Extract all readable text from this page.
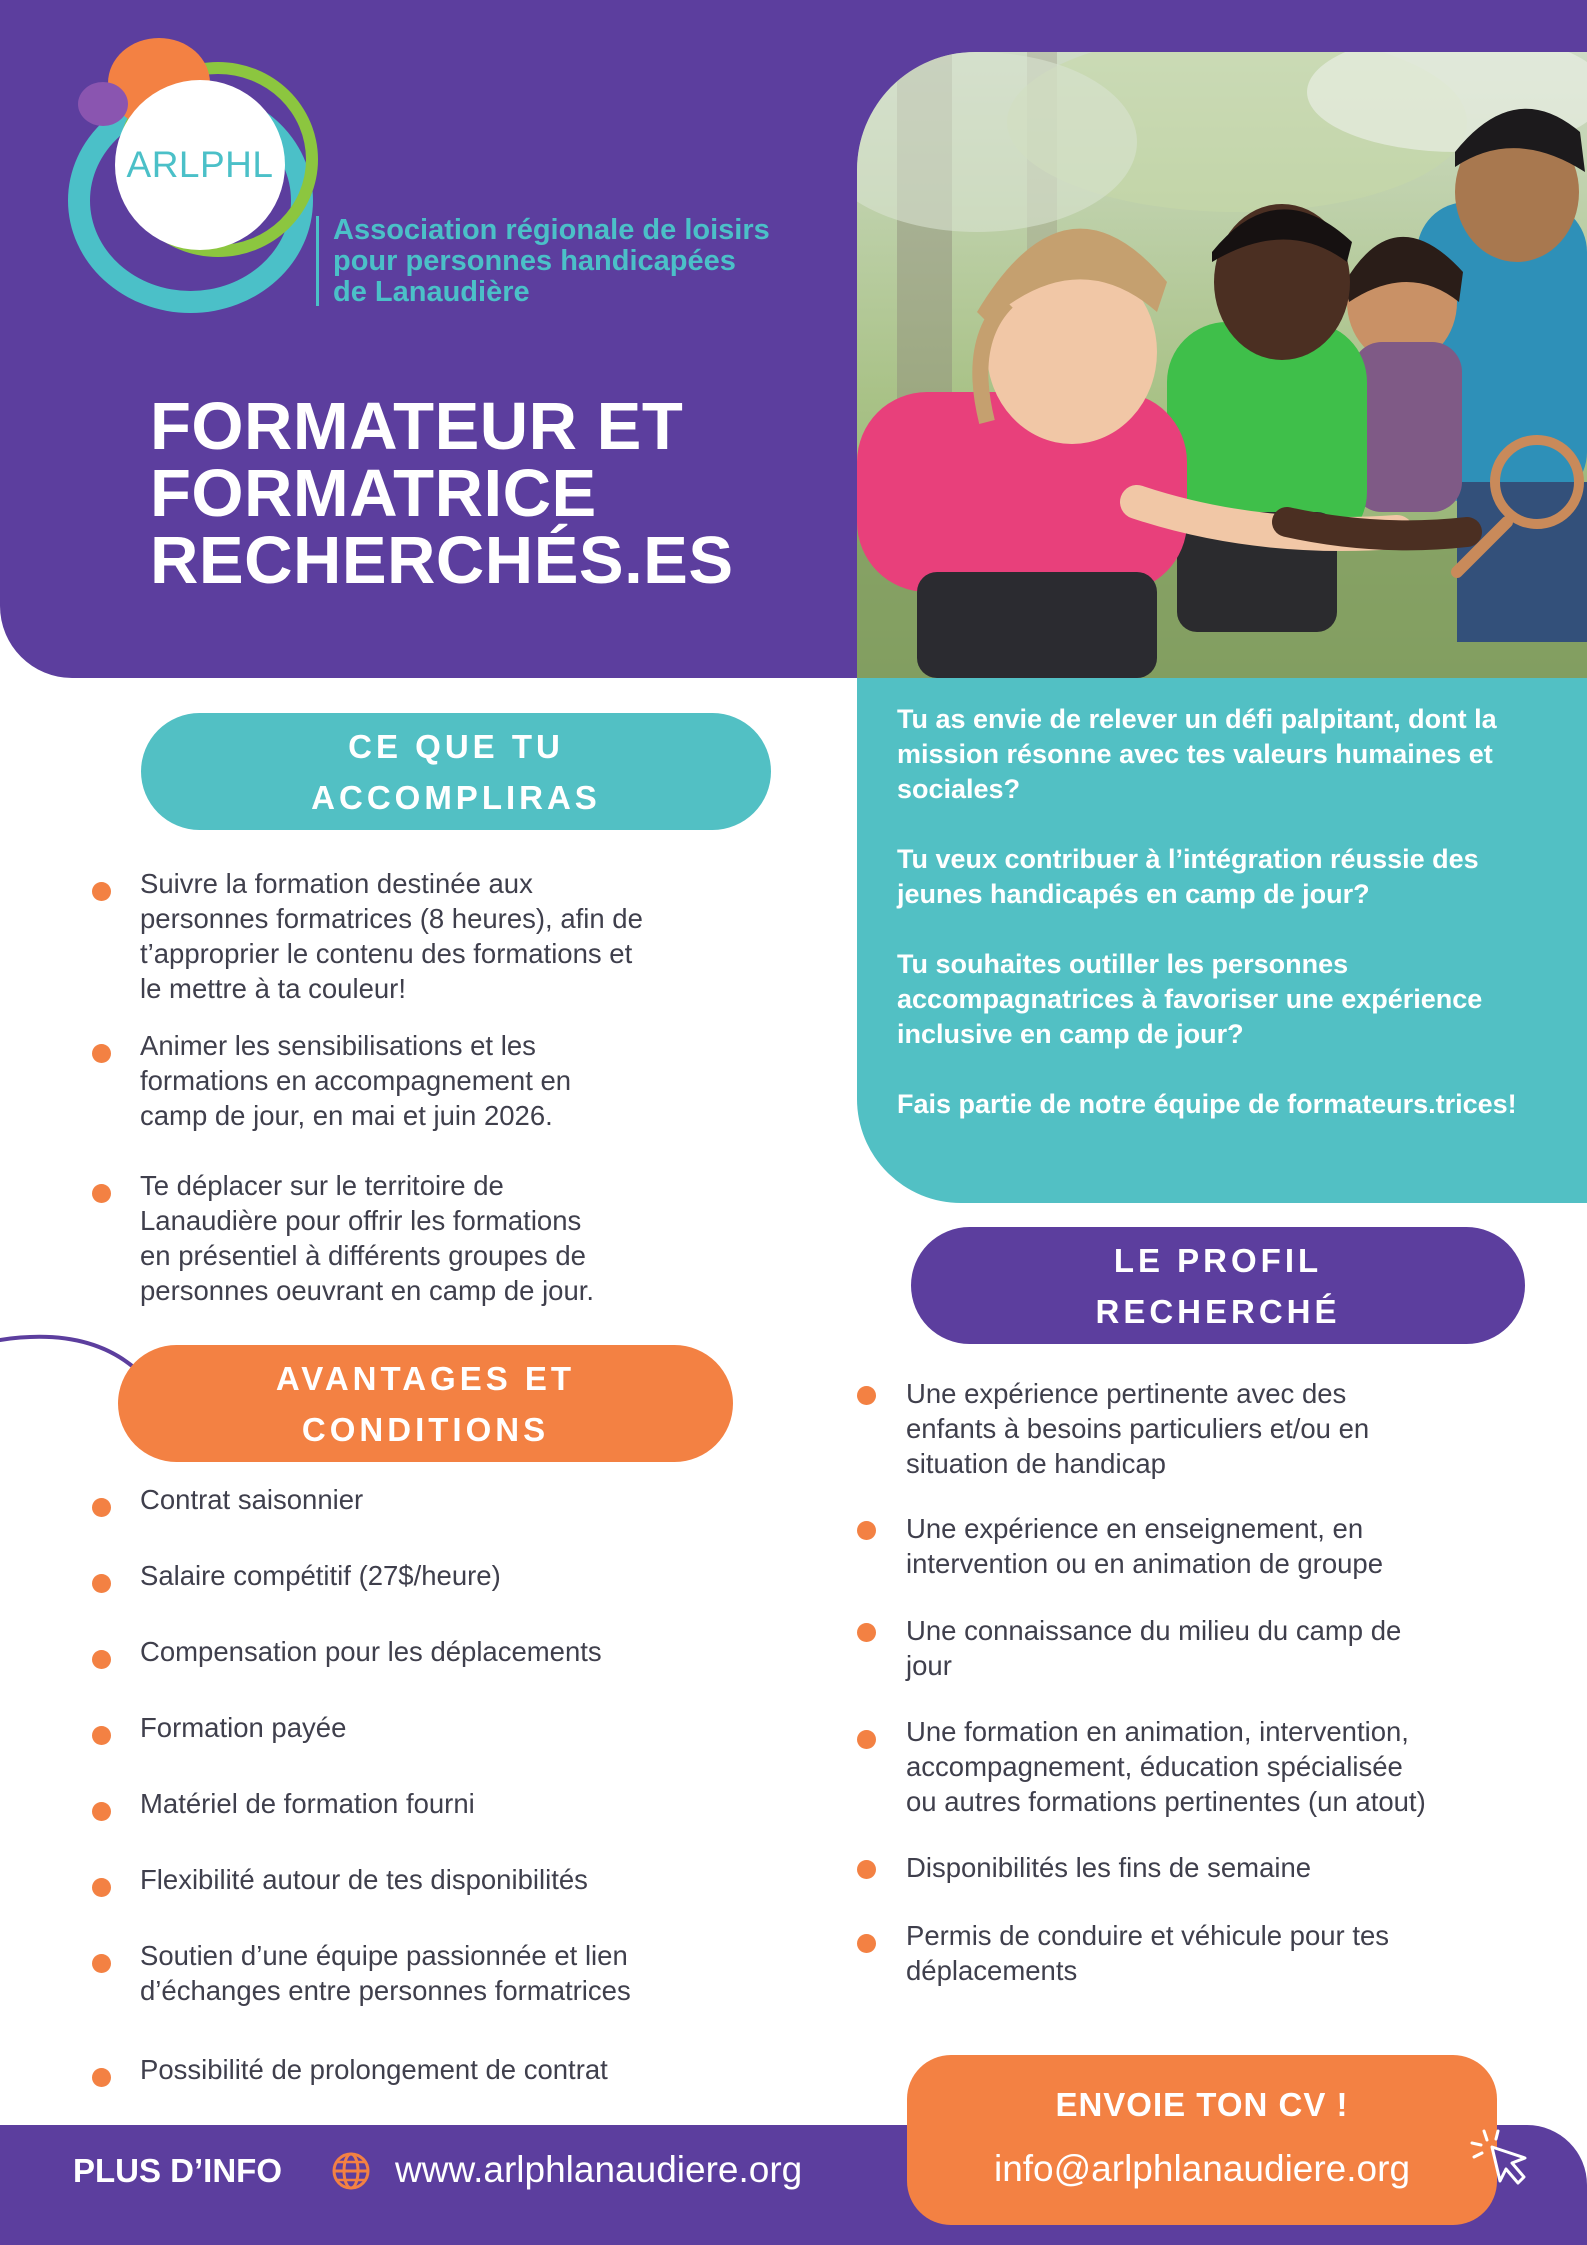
ARLPHL
Association régionale de loisirs
pour personnes handicapées
de Lanaudière
FORMATEUR ET
FORMATRICE
RECHERCHÉS.ES

Tu as envie de relever un défi palpitant, dont la mission résonne avec tes valeurs humaines et sociales?

Tu veux contribuer à l’intégration réussie des jeunes handicapés en camp de jour?

Tu souhaites outiller les personnes accompagnatrices à favoriser une expérience inclusive en camp de jour?

Fais partie de notre équipe de formateurs.trices!

CE QUE TU
ACCOMPLIRAS
Suivre la formation destinée aux
personnes formatrices (8 heures), afin de
t’approprier le contenu des formations et
le mettre à ta couleur!
Animer les sensibilisations et les
formations en accompagnement en
camp de jour, en mai et juin 2026.
Te déplacer sur le territoire de
Lanaudière pour offrir les formations
en présentiel à différents groupes de
personnes oeuvrant en camp de jour.
AVANTAGES ET
CONDITIONS
Contrat saisonnier
Salaire compétitif (27$/heure)
Compensation pour les déplacements
Formation payée
Matériel de formation fourni
Flexibilité autour de tes disponibilités
Soutien d’une équipe passionnée et lien
d’échanges entre personnes formatrices
Possibilité de prolongement de contrat
LE PROFIL
RECHERCHÉ
Une expérience pertinente avec des
enfants à besoins particuliers et/ou en
situation de handicap
Une expérience en enseignement, en
intervention ou en animation de groupe
Une connaissance du milieu du camp de
jour
Une formation en animation, intervention,
accompagnement, éducation spécialisée
ou autres formations pertinentes (un atout)
Disponibilités les fins de semaine
Permis de conduire et véhicule pour tes
déplacements
PLUS D’INFO	www.arlphlanaudiere.org
ENVOIE TON CV !
info@arlphlanaudiere.org
